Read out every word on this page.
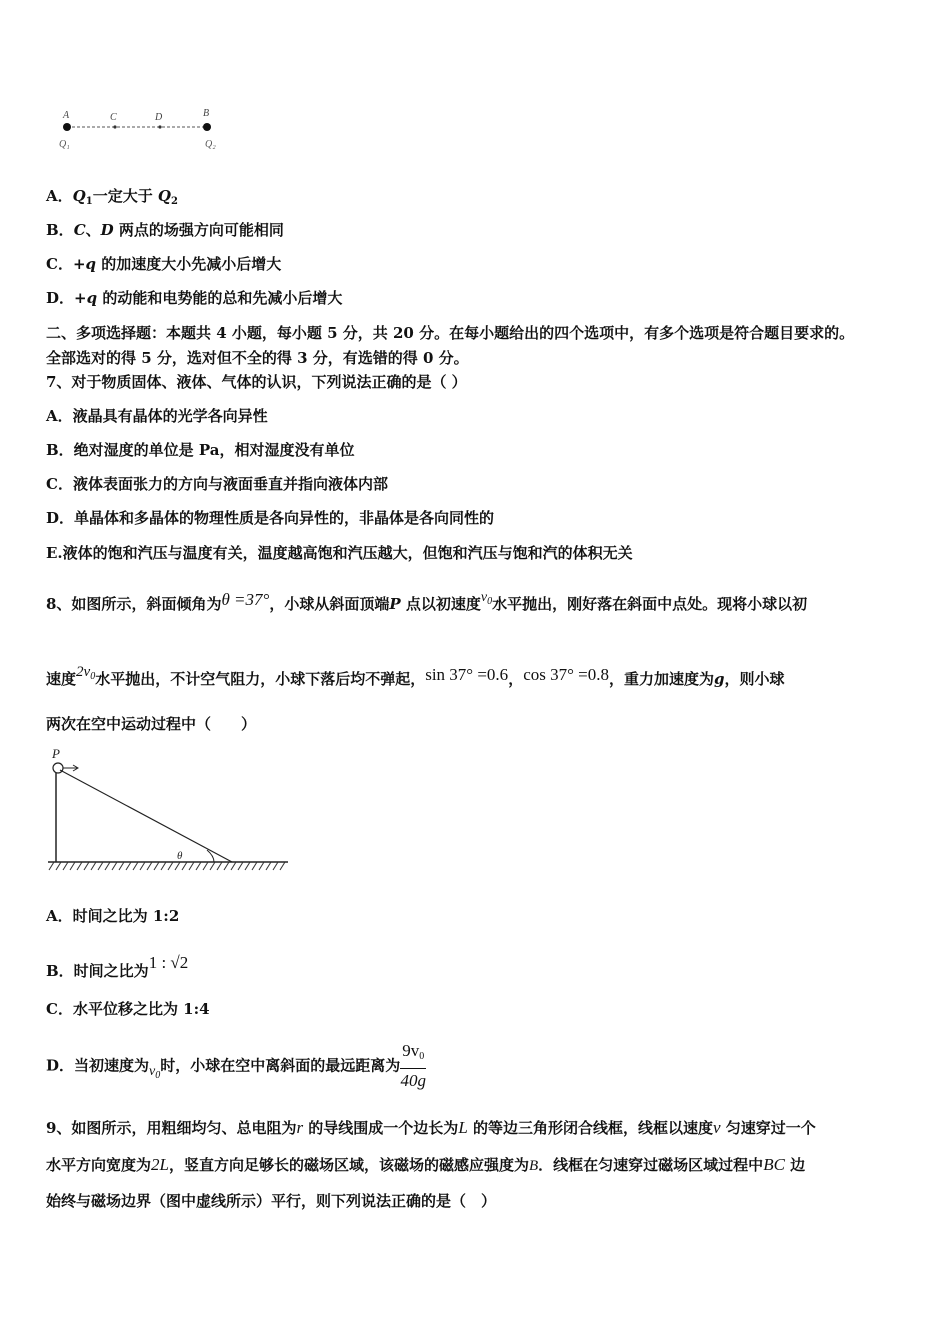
A	C	D	B
Q₁	Q₂
A．$Q_1$一定大于 $Q_2$
B．C、D 两点的场强方向可能相同
C．+q 的加速度大小先减小后增大
D．+q 的动能和电势能的总和先减小后增大
二、多项选择题：本题共 4 小题，每小题 5 分，共 20 分。在每小题给出的四个选项中，有多个选项是符合题目要求的。
全部选对的得 5 分，选对但不全的得 3 分，有选错的得 0 分。
7、对于物质固体、液体、气体的认识，下列说法正确的是（ ）
A．液晶具有晶体的光学各向异性
B．绝对湿度的单位是 Pa，相对湿度没有单位
C．液体表面张力的方向与液面垂直并指向液体内部
D．单晶体和多晶体的物理性质是各向异性的，非晶体是各向同性的
E.液体的饱和汽压与温度有关，温度越高饱和汽压越大，但饱和汽压与饱和汽的体积无关
8、如图所示，斜面倾角为θ =37°，小球从斜面顶端P 点以初速度$v_0$水平抛出，刚好落在斜面中点处。现将小球以初
速度$2v_0$水平抛出，不计空气阻力，小球下落后均不弹起，sin 37° =0.6，cos 37° =0.8，重力加速度为g，则小球
两次在空中运动过程中（　　）
P
θ
A．时间之比为 1:2
B．时间之比为1 : √2
C．水平位移之比为 1:4
D．当初速度为$v_0$时，小球在空中离斜面的最远距离为 $\frac{9v_0}{40g}$
9、如图所示，用粗细均匀、总电阻为r 的导线围成一个边长为L 的等边三角形闭合线框，线框以速度v 匀速穿过一个
水平方向宽度为2L，竖直方向足够长的磁场区域，该磁场的磁感应强度为B．线框在匀速穿过磁场区域过程中BC 边
始终与磁场边界（图中虚线所示）平行，则下列说法正确的是（　）
